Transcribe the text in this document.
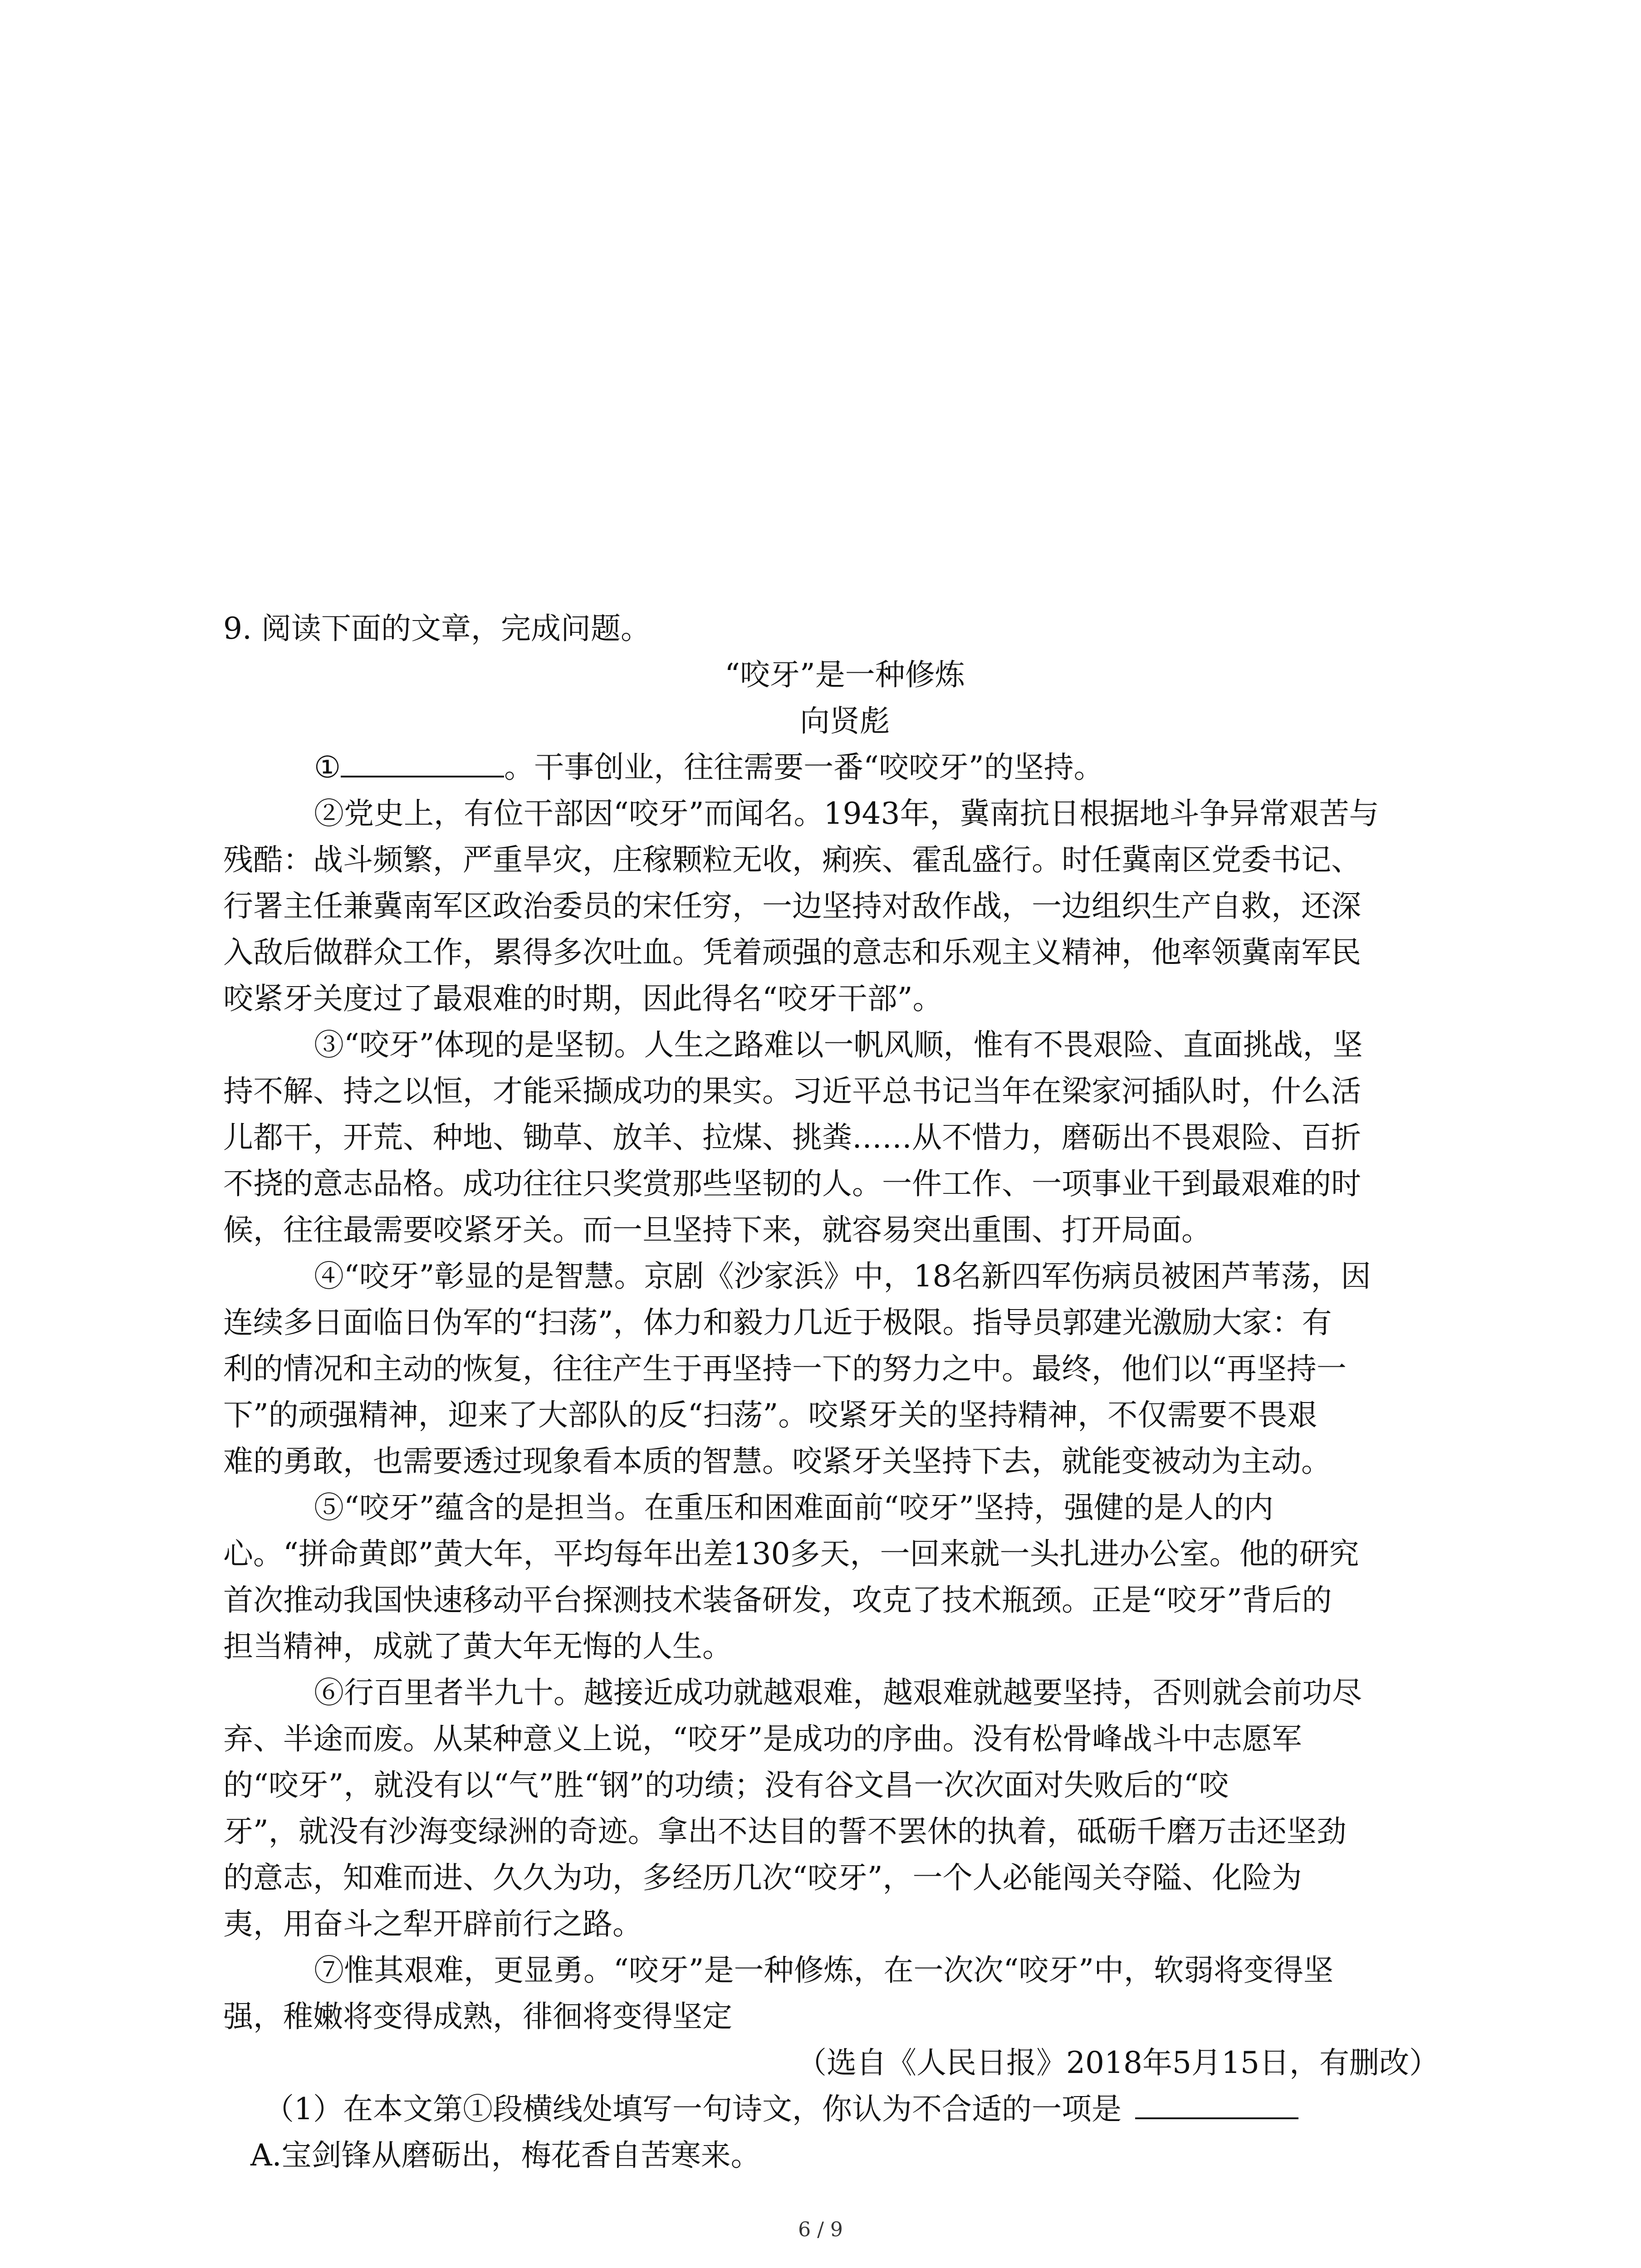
9. 阅读下面的文章，完成问题。
“咬牙”是一种修炼
向贤彪
①	。干事创业，往往需要一番“咬咬牙”的坚持。
②党史上，有位干部因“咬牙”而闻名。1943年，冀南抗日根据地斗争异常艰苦与
残酷：战斗频繁，严重旱灾，庄稼颗粒无收，痢疾、霍乱盛行。时任冀南区党委书记、
行署主任兼冀南军区政治委员的宋任穷，一边坚持对敌作战，一边组织生产自救，还深
入敌后做群众工作，累得多次吐血。凭着顽强的意志和乐观主义精神，他率领冀南军民
咬紧牙关度过了最艰难的时期，因此得名“咬牙干部”。
③“咬牙”体现的是坚韧。人生之路难以一帆风顺，惟有不畏艰险、直面挑战，坚
持不解、持之以恒，才能采撷成功的果实。习近平总书记当年在梁家河插队时，什么活
儿都干，开荒、种地、锄草、放羊、拉煤、挑粪……从不惜力，磨砺出不畏艰险、百折
不挠的意志品格。成功往往只奖赏那些坚韧的人。一件工作、一项事业干到最艰难的时
候，往往最需要咬紧牙关。而一旦坚持下来，就容易突出重围、打开局面。
④“咬牙”彰显的是智慧。京剧《沙家浜》中，18名新四军伤病员被困芦苇荡，因
连续多日面临日伪军的“扫荡”，体力和毅力几近于极限。指导员郭建光激励大家：有
利的情况和主动的恢复，往往产生于再坚持一下的努力之中。最终，他们以“再坚持一
下”的顽强精神，迎来了大部队的反“扫荡”。咬紧牙关的坚持精神，不仅需要不畏艰
难的勇敢，也需要透过现象看本质的智慧。咬紧牙关坚持下去，就能变被动为主动。
⑤“咬牙”蕴含的是担当。在重压和困难面前“咬牙”坚持，强健的是人的内
心。“拼命黄郎”黄大年，平均每年出差130多天，一回来就一头扎进办公室。他的研究
首次推动我国快速移动平台探测技术装备研发，攻克了技术瓶颈。正是“咬牙”背后的
担当精神，成就了黄大年无悔的人生。
⑥行百里者半九十。越接近成功就越艰难，越艰难就越要坚持，否则就会前功尽
弃、半途而废。从某种意义上说，“咬牙”是成功的序曲。没有松骨峰战斗中志愿军
的“咬牙”，就没有以“气”胜“钢”的功绩；没有谷文昌一次次面对失败后的“咬
牙”，就没有沙海变绿洲的奇迹。拿出不达目的誓不罢休的执着，砥砺千磨万击还坚劲
的意志，知难而进、久久为功，多经历几次“咬牙”，一个人必能闯关夺隘、化险为
夷，用奋斗之犁开辟前行之路。
⑦惟其艰难，更显勇。“咬牙”是一种修炼，在一次次“咬牙”中，软弱将变得坚
强，稚嫩将变得成熟，徘徊将变得坚定
（选自《人民日报》2018年5月15日，有删改）
（1）在本文第①段横线处填写一句诗文，你认为不合适的一项是
A.宝剑锋从磨砺出，梅花香自苦寒来。
6 / 9
